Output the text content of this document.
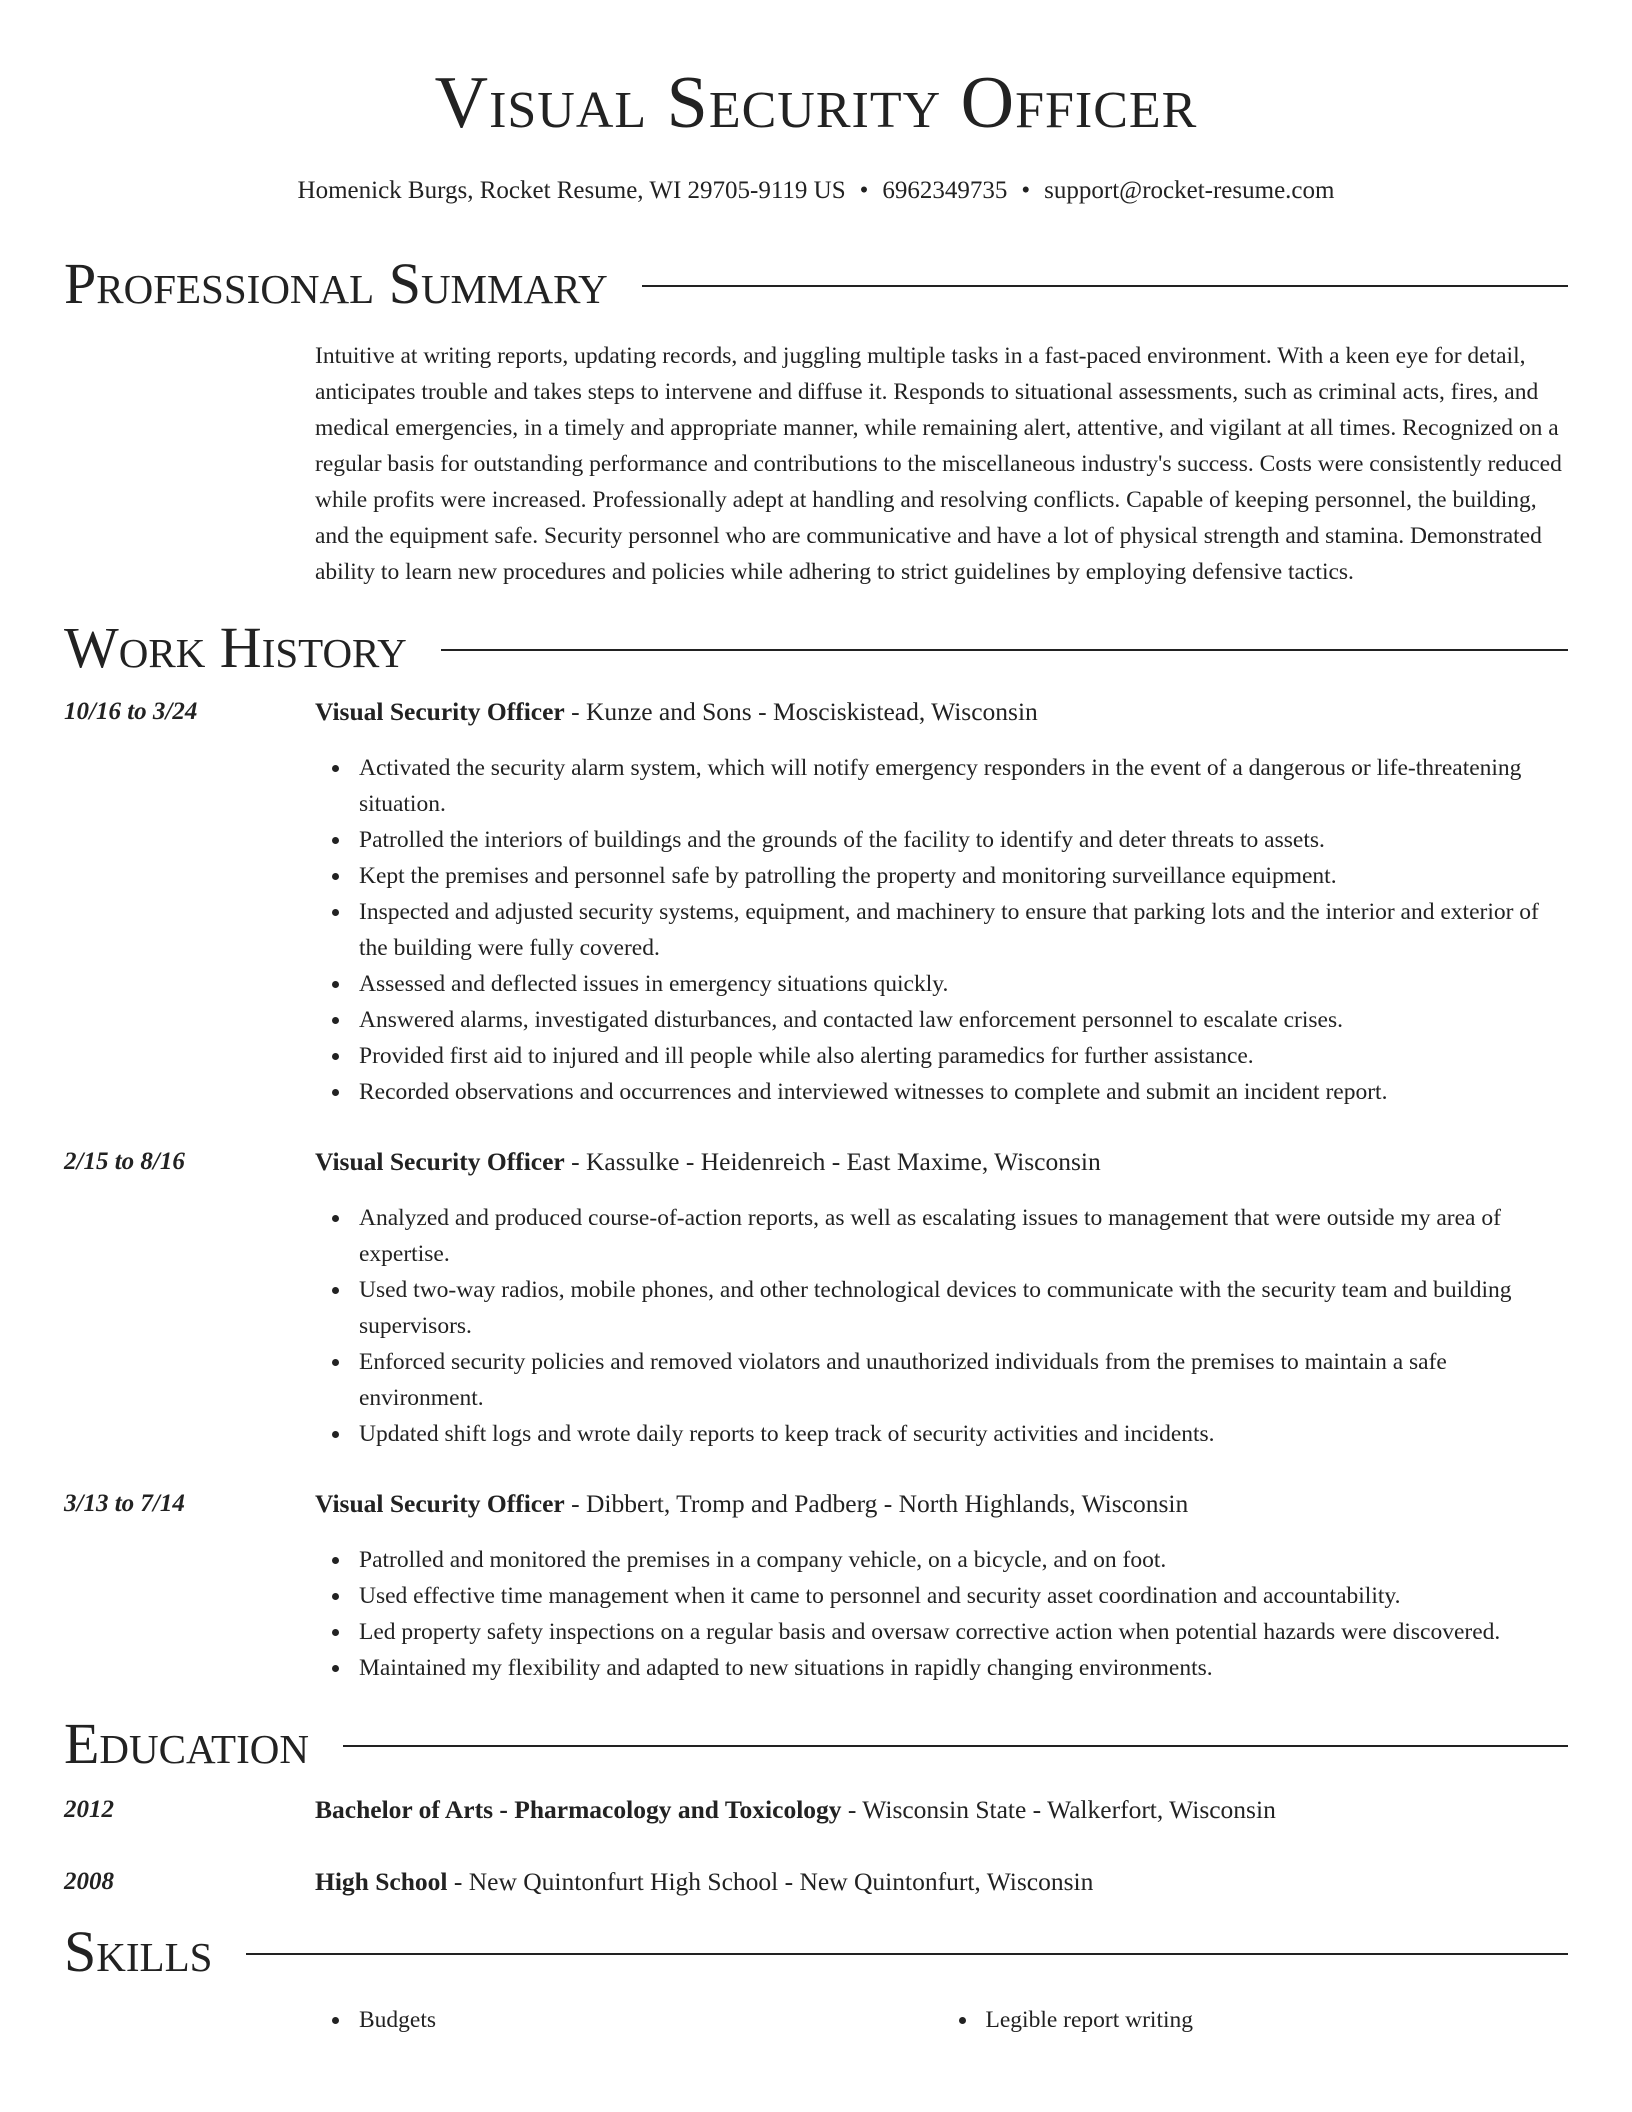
Visual Security Officer
Homenick Burgs, Rocket Resume, WI 29705-9119 US • 6962349735 • support@rocket-resume.com
Professional Summary
Intuitive at writing reports, updating records, and juggling multiple tasks in a fast-paced environment. With a keen eye for detail, anticipates trouble and takes steps to intervene and diffuse it. Responds to situational assessments, such as criminal acts, fires, and medical emergencies, in a timely and appropriate manner, while remaining alert, attentive, and vigilant at all times. Recognized on a regular basis for outstanding performance and contributions to the miscellaneous industry's success. Costs were consistently reduced while profits were increased. Professionally adept at handling and resolving conflicts. Capable of keeping personnel, the building, and the equipment safe. Security personnel who are communicative and have a lot of physical strength and stamina. Demonstrated ability to learn new procedures and policies while adhering to strict guidelines by employing defensive tactics.
Work History
10/16 to 3/24	Visual Security Officer - Kunze and Sons - Mosciskistead, Wisconsin
Activated the security alarm system, which will notify emergency responders in the event of a dangerous or life-threatening situation.
Patrolled the interiors of buildings and the grounds of the facility to identify and deter threats to assets.
Kept the premises and personnel safe by patrolling the property and monitoring surveillance equipment.
Inspected and adjusted security systems, equipment, and machinery to ensure that parking lots and the interior and exterior of the building were fully covered.
Assessed and deflected issues in emergency situations quickly.
Answered alarms, investigated disturbances, and contacted law enforcement personnel to escalate crises.
Provided first aid to injured and ill people while also alerting paramedics for further assistance.
Recorded observations and occurrences and interviewed witnesses to complete and submit an incident report.
2/15 to 8/16	Visual Security Officer - Kassulke - Heidenreich - East Maxime, Wisconsin
Analyzed and produced course-of-action reports, as well as escalating issues to management that were outside my area of expertise.
Used two-way radios, mobile phones, and other technological devices to communicate with the security team and building supervisors.
Enforced security policies and removed violators and unauthorized individuals from the premises to maintain a safe environment.
Updated shift logs and wrote daily reports to keep track of security activities and incidents.
3/13 to 7/14	Visual Security Officer - Dibbert, Tromp and Padberg - North Highlands, Wisconsin
Patrolled and monitored the premises in a company vehicle, on a bicycle, and on foot.
Used effective time management when it came to personnel and security asset coordination and accountability.
Led property safety inspections on a regular basis and oversaw corrective action when potential hazards were discovered.
Maintained my flexibility and adapted to new situations in rapidly changing environments.
Education
2012	Bachelor of Arts - Pharmacology and Toxicology - Wisconsin State - Walkerfort, Wisconsin
2008	High School - New Quintonfurt High School - New Quintonfurt, Wisconsin
Skills
Budgets	Legible report writing
